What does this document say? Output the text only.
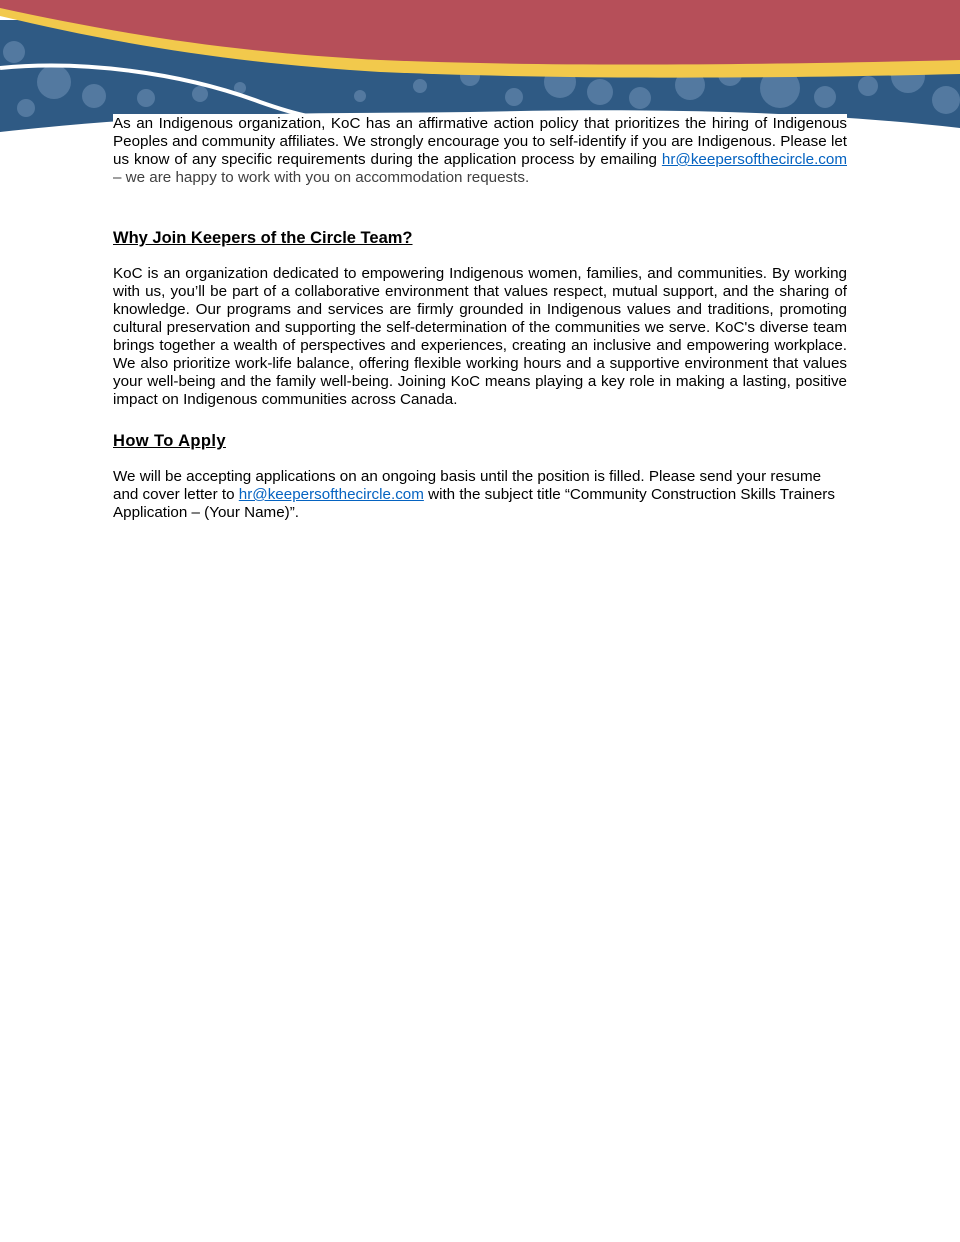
As an Indigenous organization, KoC has an affirmative action policy that prioritizes the hiring of Indigenous Peoples and community affiliates. We strongly encourage you to self-identify if you are Indigenous. Please let us know of any specific requirements during the application process by emailing hr@keepersofthecircle.com – we are happy to work with you on accommodation requests.

Why Join Keepers of the Circle Team?

KoC is an organization dedicated to empowering Indigenous women, families, and communities. By working with us, you’ll be part of a collaborative environment that values respect, mutual support, and the sharing of knowledge. Our programs and services are firmly grounded in Indigenous values and traditions, promoting cultural preservation and supporting the self-determination of the communities we serve. KoC's diverse team brings together a wealth of perspectives and experiences, creating an inclusive and empowering workplace. We also prioritize work-life balance, offering flexible working hours and a supportive environment that values your well-being and the family well-being. Joining KoC means playing a key role in making a lasting, positive impact on Indigenous communities across Canada.

How To Apply

We will be accepting applications on an ongoing basis until the position is filled. Please send your resume and cover letter to hr@keepersofthecircle.com with the subject title “Community Construction Skills Trainers Application – (Your Name)”.
